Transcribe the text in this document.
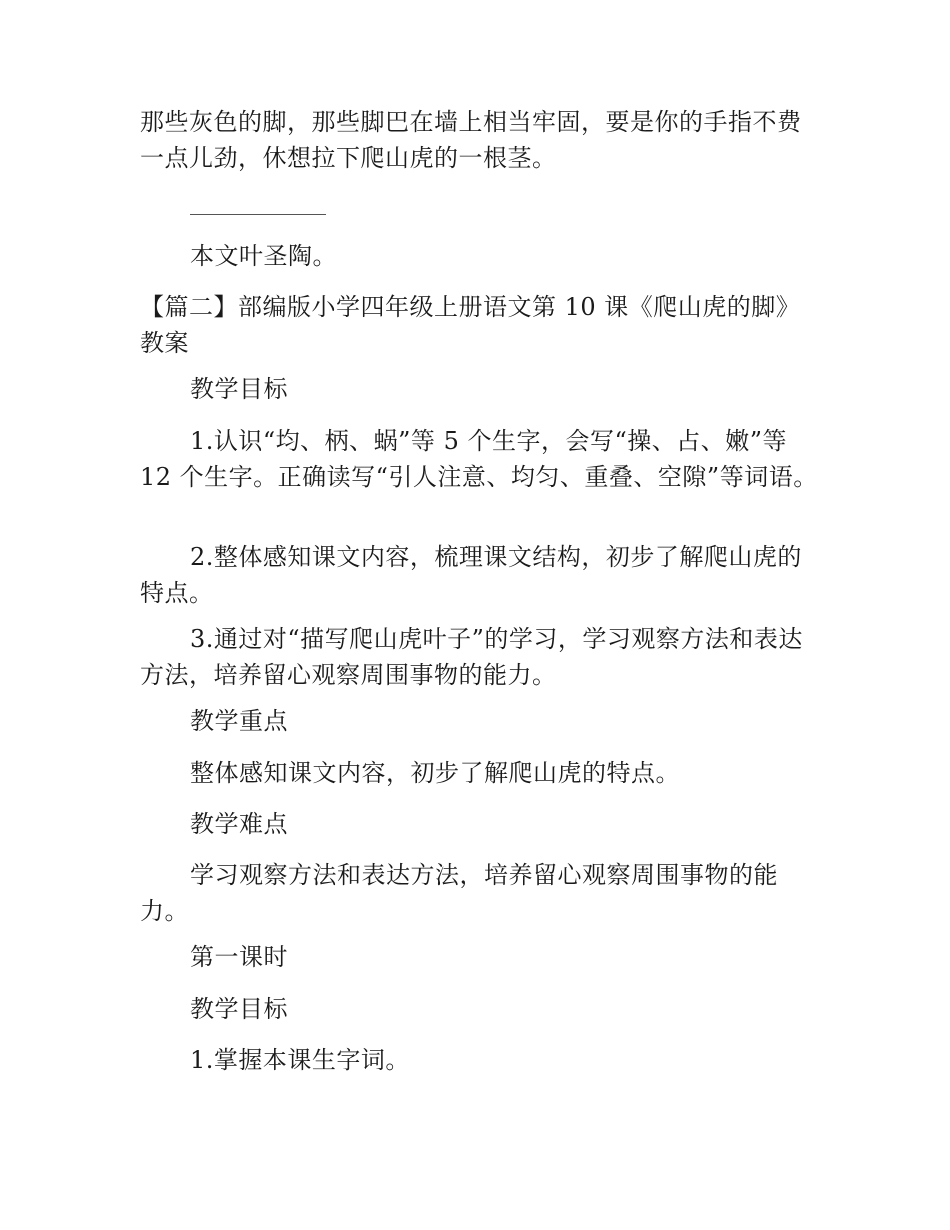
那些灰色的脚，那些脚巴在墙上相当牢固，要是你的手指不费一点儿劲，休想拉下爬山虎的一根茎。

本文叶圣陶。

【篇二】部编版小学四年级上册语文第 10 课《爬山虎的脚》教案

教学目标

1.认识“均、柄、蜗”等 5 个生字，会写“操、占、嫩”等 12 个生字。正确读写“引人注意、均匀、重叠、空隙”等词语。

2.整体感知课文内容，梳理课文结构，初步了解爬山虎的特点。

3.通过对“描写爬山虎叶子”的学习，学习观察方法和表达方法，培养留心观察周围事物的能力。

教学重点

整体感知课文内容，初步了解爬山虎的特点。

教学难点

学习观察方法和表达方法，培养留心观察周围事物的能力。

第一课时

教学目标

1.掌握本课生字词。
